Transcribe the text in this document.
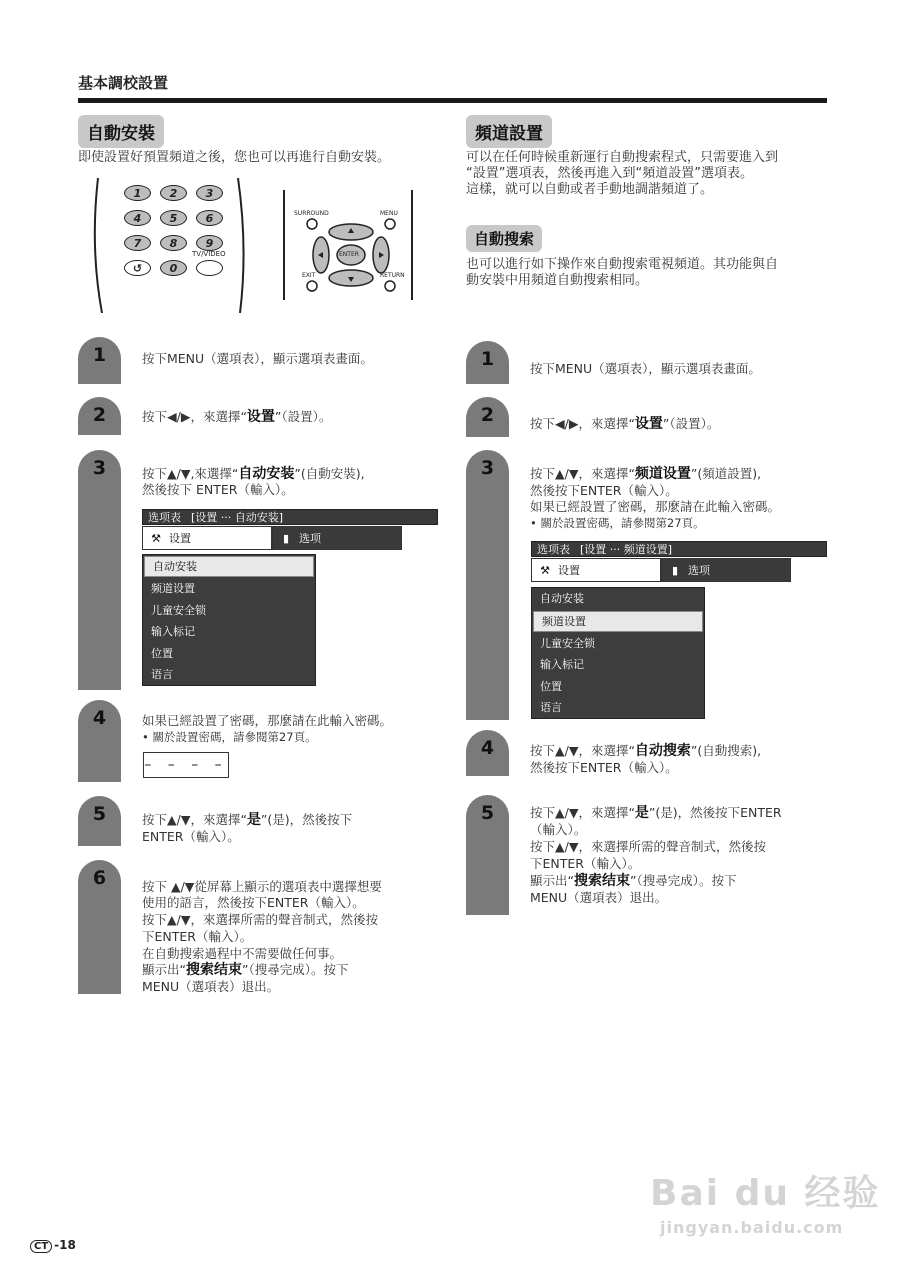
基本調校設置
自動安裝
即使設置好預置頻道之後，您也可以再進行自動安裝。
1	2	3
4	5	6
7	8	9
↺	0
TV/VIDEO
SURROUND	MENU
ENTER
EXIT	RETURN
1	按下MENU（選項表），顯示選項表畫面。
2	按下◀/▶，來選擇“设置”（設置）。
3	按下▲/▼,來選擇“自动安装”(自動安裝),
然後按下 ENTER（輸入）。
选项表 [设置 ··· 自动安装]
⚒ 设置	▮ 选项
自动安装
频道设置
儿童安全锁
输入标记
位置
语言
4	如果已經設置了密碼，那麼請在此輸入密碼。
• 關於設置密碼，請參閱第27頁。
– – – –
5	按下▲/▼，來選擇“是”(是)，然後按下
ENTER（輸入）。
6	按下 ▲/▼從屏幕上顯示的選項表中選擇想要
使用的語言，然後按下ENTER（輸入）。
按下▲/▼，來選擇所需的聲音制式，然後按
下ENTER（輸入）。
在自動搜索過程中不需要做任何事。
顯示出“搜索结束”（搜尋完成）。按下
MENU（選項表）退出。
頻道設置
可以在任何時候重新運行自動搜索程式，只需要進入到
“設置”選項表，然後再進入到“頻道設置”選項表。
這樣，就可以自動或者手動地調諧頻道了。
自動搜索
也可以進行如下操作來自動搜索電視頻道。其功能與自
動安裝中用頻道自動搜索相同。
1	按下MENU（選項表），顯示選項表畫面。
2	按下◀/▶，來選擇“设置”（設置）。
3	按下▲/▼，來選擇“频道设置”(頻道設置),
然後按下ENTER（輸入）。
如果已經設置了密碼，那麼請在此輸入密碼。
• 關於設置密碼，請參閱第27頁。
选项表 [设置 ··· 频道设置]
⚒ 设置	▮ 选项
自动安装
频道设置
儿童安全锁
输入标记
位置
语言
4	按下▲/▼，來選擇“自动搜索”(自動搜索),
然後按下ENTER（輸入）。
5	按下▲/▼，來選擇“是”(是)，然後按下ENTER
（輸入）。
按下▲/▼，來選擇所需的聲音制式，然後按
下ENTER（輸入）。
顯示出“搜索结束”（搜尋完成）。按下
MENU（選項表）退出。
Bai du 经验
jingyan.baidu.com
CT -18
